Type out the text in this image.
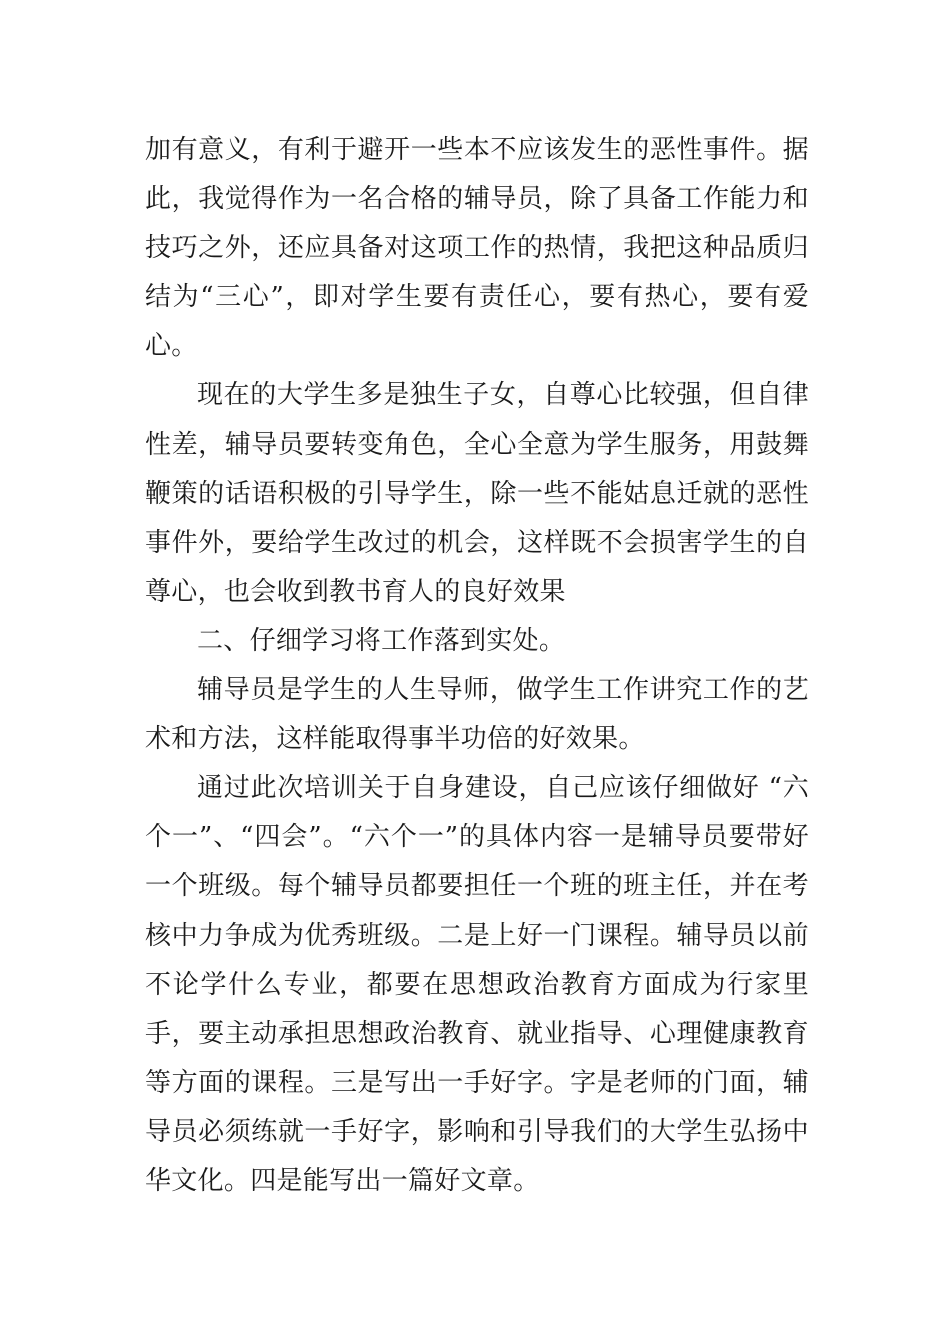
加有意义，有利于避开一些本不应该发生的恶性事件。据此，我觉得作为一名合格的辅导员，除了具备工作能力和技巧之外，还应具备对这项工作的热情，我把这种品质归结为“三心”，即对学生要有责任心，要有热心，要有爱心。

现在的大学生多是独生子女，自尊心比较强，但自律性差，辅导员要转变角色，全心全意为学生服务，用鼓舞鞭策的话语积极的引导学生，除一些不能姑息迁就的恶性事件外，要给学生改过的机会，这样既不会损害学生的自尊心，也会收到教书育人的良好效果

二、仔细学习将工作落到实处。

辅导员是学生的人生导师，做学生工作讲究工作的艺术和方法，这样能取得事半功倍的好效果。

通过此次培训关于自身建设，自己应该仔细做好 “六个一”、“四会”。“六个一”的具体内容一是辅导员要带好一个班级。每个辅导员都要担任一个班的班主任，并在考核中力争成为优秀班级。二是上好一门课程。辅导员以前不论学什么专业，都要在思想政治教育方面成为行家里手，要主动承担思想政治教育、就业指导、心理健康教育等方面的课程。三是写出一手好字。字是老师的门面，辅导员必须练就一手好字，影响和引导我们的大学生弘扬中华文化。四是能写出一篇好文章。
